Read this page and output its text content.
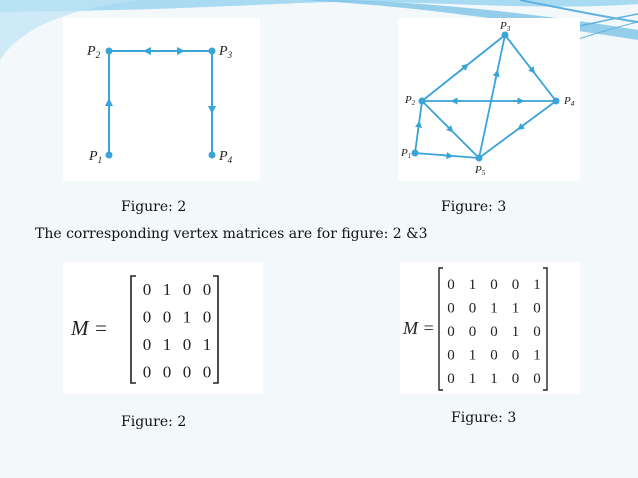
$P_1$
$P_2$	$P_3$
$P_4$
P1
P2
P3
P4
P5
Figure: 2	Figure: 3
The corresponding vertex matrices are for figure: 2 &3
M =
0 1 0 0
0 0 1 0
0 1 0 1
0 0 0 0
M =
0 1 0 0 1
0 0 1 1 0
0 0 0 1 0
0 1 0 0 1
0 1 1 0 0
Figure: 2	Figure: 3
